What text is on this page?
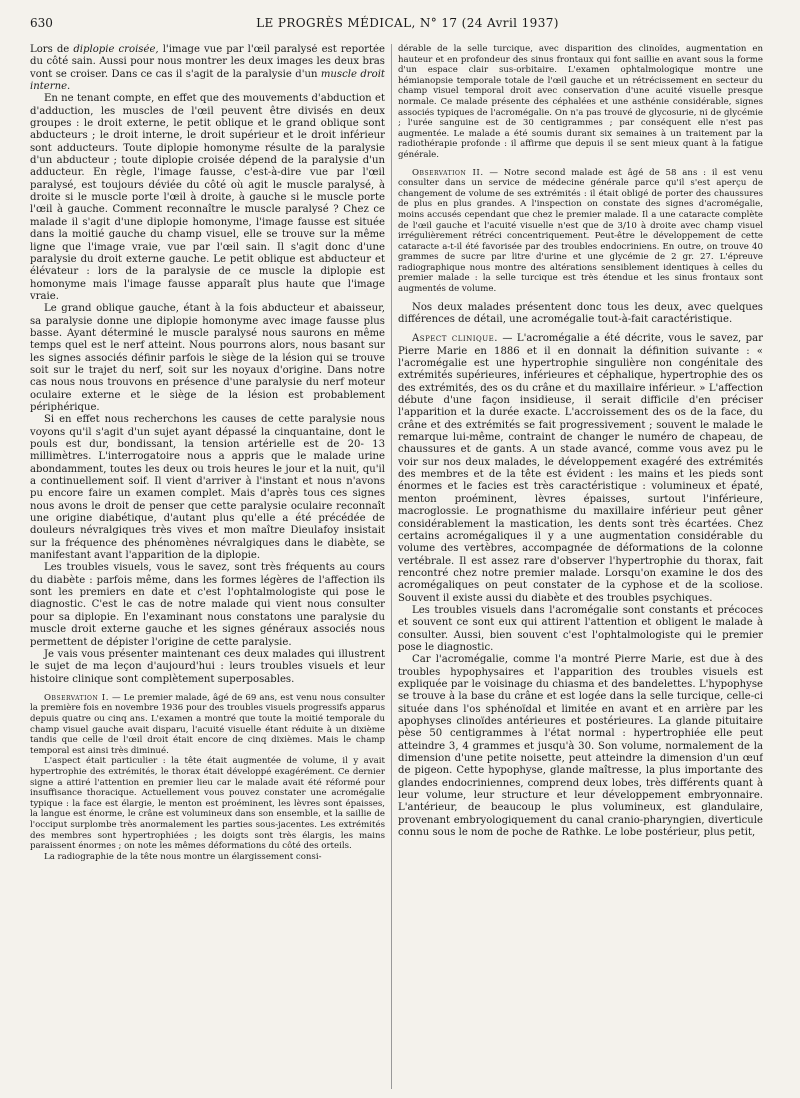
630	LE PROGRÈS MÉDICAL, N° 17 (24 Avril 1937)

Lors de diplopie croisée, l'image vue par l'œil paralysé est reportée du côté sain. Aussi pour nous montrer les deux images les deux bras vont se croiser. Dans ce cas il s'agit de la paralysie d'un muscle droit interne.

En ne tenant compte, en effet que des mouvements d'abduction et d'adduction, les muscles de l'œil peuvent être divisés en deux groupes : le droit externe, le petit oblique et le grand oblique sont abducteurs ; le droit interne, le droit supérieur et le droit inférieur sont adducteurs. Toute diplopie homonyme résulte de la paralysie d'un abducteur ; toute diplopie croisée dépend de la paralysie d'un adducteur. En règle, l'image fausse, c'est-à-dire vue par l'œil paralysé, est toujours déviée du côté où agit le muscle paralysé, à droite si le muscle porte l'œil à droite, à gauche si le muscle porte l'œil à gauche. Comment reconnaître le muscle paralysé ? Chez ce malade il s'agit d'une diplopie homonyme, l'image fausse est située dans la moitié gauche du champ visuel, elle se trouve sur la même ligne que l'image vraie, vue par l'œil sain. Il s'agit donc d'une paralysie du droit externe gauche. Le petit oblique est abducteur et élévateur : lors de la paralysie de ce muscle la diplopie est homonyme mais l'image fausse apparaît plus haute que l'image vraie.

Le grand oblique gauche, étant à la fois abducteur et abaisseur, sa paralysie donne une diplopie homonyme avec image fausse plus basse. Ayant déterminé le muscle paralysé nous saurons en même temps quel est le nerf atteint. Nous pourrons alors, nous basant sur les signes associés définir parfois le siège de la lésion qui se trouve soit sur le trajet du nerf, soit sur les noyaux d'origine. Dans notre cas nous nous trouvons en présence d'une paralysie du nerf moteur oculaire externe et le siège de la lésion est probablement périphérique.

Si en effet nous recherchons les causes de cette paralysie nous voyons qu'il s'agit d'un sujet ayant dépassé la cinquantaine, dont le pouls est dur, bondissant, la tension artérielle est de 20- 13 millimètres. L'interrogatoire nous a appris que le malade urine abondamment, toutes les deux ou trois heures le jour et la nuit, qu'il a continuellement soif. Il vient d'arriver à l'instant et nous n'avons pu encore faire un examen complet. Mais d'après tous ces signes nous avons le droit de penser que cette paralysie oculaire reconnaît une origine diabétique, d'autant plus qu'elle a été précédée de douleurs névralgiques très vives et mon maître Dieulafoy insistait sur la fréquence des phénomènes névralgiques dans le diabète, se manifestant avant l'apparition de la diplopie.

Les troubles visuels, vous le savez, sont très fréquents au cours du diabète : parfois même, dans les formes légères de l'affection ils sont les premiers en date et c'est l'ophtalmologiste qui pose le diagnostic. C'est le cas de notre malade qui vient nous consulter pour sa diplopie. En l'examinant nous constatons une paralysie du muscle droit externe gauche et les signes généraux associés nous permettent de dépister l'origine de cette paralysie.

Je vais vous présenter maintenant ces deux malades qui illustrent le sujet de ma leçon d'aujourd'hui : leurs troubles visuels et leur histoire clinique sont complètement superposables.

Observation I. — Le premier malade, âgé de 69 ans, est venu nous consulter la première fois en novembre 1936 pour des troubles visuels progressifs apparus depuis quatre ou cinq ans. L'examen a montré que toute la moitié temporale du champ visuel gauche avait disparu, l'acuité visuelle étant réduite à un dixième tandis que celle de l'œil droit était encore de cinq dixièmes. Mais le champ temporal est ainsi très diminué.

L'aspect était particulier : la tête était augmentée de volume, il y avait hypertrophie des extrémités, le thorax était développé exagérément. Ce dernier signe a attiré l'attention en premier lieu car le malade avait été réformé pour insuffisance thoracique. Actuellement vous pouvez constater une acromégalie typique : la face est élargie, le menton est proéminent, les lèvres sont épaisses, la langue est énorme, le crâne est volumineux dans son ensemble, et la saillie de l'occiput surplombe très anormalement les parties sous-jacentes. Les extrémités des membres sont hypertrophiées ; les doigts sont très élargis, les mains paraissent énormes ; on note les mêmes déformations du côté des orteils.

La radiographie de la tête nous montre un élargissement consi-

dérable de la selle turcique, avec disparition des clinoïdes, augmentation en hauteur et en profondeur des sinus frontaux qui font saillie en avant sous la forme d'un espace clair sus-orbitaire. L'examen ophtalmologique montre une hémianopsie temporale totale de l'œil gauche et un rétrécissement en secteur du champ visuel temporal droit avec conservation d'une acuité visuelle presque normale. Ce malade présente des céphalées et une asthénie considérable, signes associés typiques de l'acromégalie. On n'a pas trouvé de glycosurie, ni de glycémie ; l'urée sanguine est de 30 centigrammes ; par conséquent elle n'est pas augmentée. Le malade a été soumis durant six semaines à un traitement par la radiothérapie profonde : il affirme que depuis il se sent mieux quant à la fatigue générale.

Observation II. — Notre second malade est âgé de 58 ans : il est venu consulter dans un service de médecine générale parce qu'il s'est aperçu de changement de volume de ses extrémités : il était obligé de porter des chaussures de plus en plus grandes. A l'inspection on constate des signes d'acromégalie, moins accusés cependant que chez le premier malade. Il a une cataracte complète de l'œil gauche et l'acuité visuelle n'est que de 3/10 à droite avec champ visuel irrégulièrement rétréci concentriquement. Peut-être le développement de cette cataracte a-t-il été favorisée par des troubles endocriniens. En outre, on trouve 40 grammes de sucre par litre d'urine et une glycémie de 2 gr. 27. L'épreuve radiographique nous montre des altérations sensiblement identiques à celles du premier malade : la selle turcique est très étendue et les sinus frontaux sont augmentés de volume.

Nos deux malades présentent donc tous les deux, avec quelques différences de détail, une acromégalie tout-à-fait caractéristique.

Aspect clinique. — L'acromégalie a été décrite, vous le savez, par Pierre Marie en 1886 et il en donnait la définition suivante : « l'acromégalie est une hypertrophie singulière non congénitale des extrémités supérieures, inférieures et céphalique, hypertrophie des os des extrémités, des os du crâne et du maxillaire inférieur. » L'affection débute d'une façon insidieuse, il serait difficile d'en préciser l'apparition et la durée exacte. L'accroissement des os de la face, du crâne et des extrémités se fait progressivement ; souvent le malade le remarque lui-même, contraint de changer le numéro de chapeau, de chaussures et de gants. A un stade avancé, comme vous avez pu le voir sur nos deux malades, le développement exagéré des extrémités des membres et de la tête est évident : les mains et les pieds sont énormes et le facies est très caractéristique : volumineux et épaté, menton proéminent, lèvres épaisses, surtout l'inférieure, macroglossie. Le prognathisme du maxillaire inférieur peut gêner considérablement la mastication, les dents sont très écartées. Chez certains acromégaliques il y a une augmentation considérable du volume des vertèbres, accompagnée de déformations de la colonne vertébrale. Il est assez rare d'observer l'hypertrophie du thorax, fait rencontré chez notre premier malade. Lorsqu'on examine le dos des acromégaliques on peut constater de la cyphose et de la scoliose. Souvent il existe aussi du diabète et des troubles psychiques.

Les troubles visuels dans l'acromégalie sont constants et précoces et souvent ce sont eux qui attirent l'attention et obligent le malade à consulter. Aussi, bien souvent c'est l'ophtalmologiste qui le premier pose le diagnostic.

Car l'acromégalie, comme l'a montré Pierre Marie, est due à des troubles hypophysaires et l'apparition des troubles visuels est expliquée par le voisinage du chiasma et des bandelettes. L'hypophyse se trouve à la base du crâne et est logée dans la selle turcique, celle-ci située dans l'os sphénoïdal et limitée en avant et en arrière par les apophyses clinoïdes antérieures et postérieures. La glande pituitaire pèse 50 centigrammes à l'état normal : hypertrophiée elle peut atteindre 3, 4 grammes et jusqu'à 30. Son volume, normalement de la dimension d'une petite noisette, peut atteindre la dimension d'un œuf de pigeon. Cette hypophyse, glande maîtresse, la plus importante des glandes endocriniennes, comprend deux lobes, très différents quant à leur volume, leur structure et leur développement embryonnaire. L'antérieur, de beaucoup le plus volumineux, est glandulaire, provenant embryologiquement du canal cranio-pharyngien, diverticule connu sous le nom de poche de Rathke. Le lobe postérieur, plus petit,
